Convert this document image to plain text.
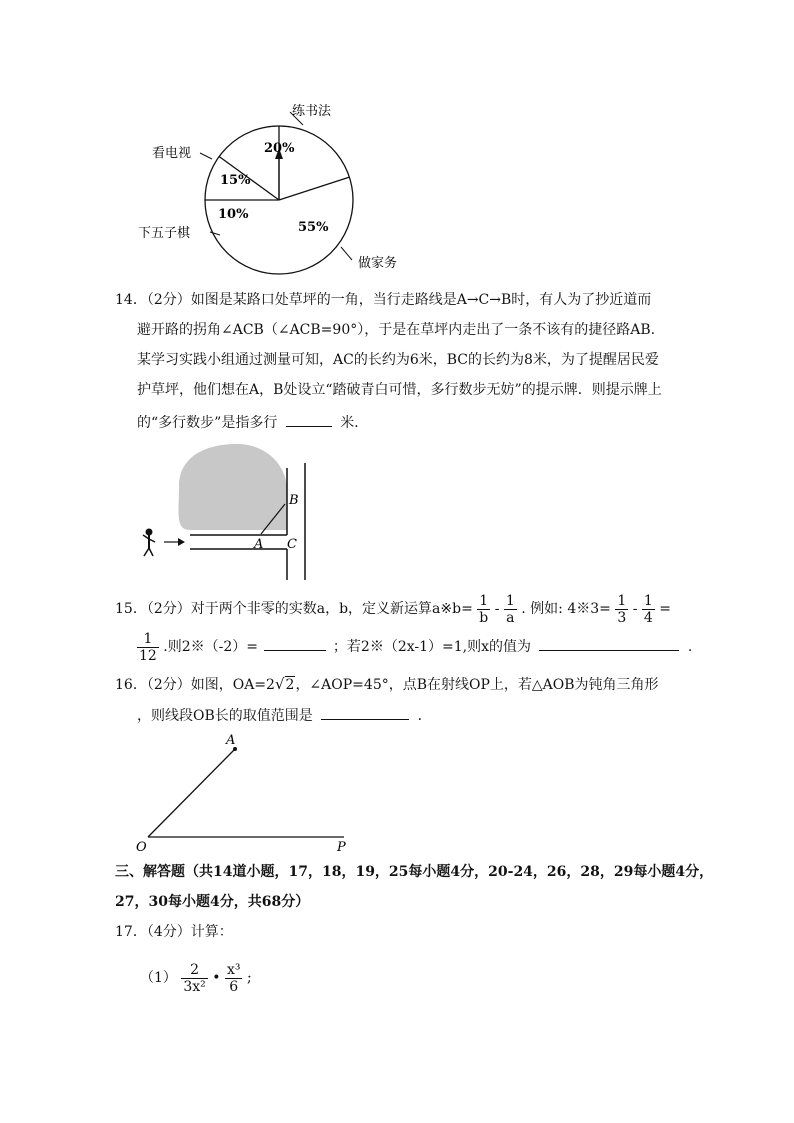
练书法
看电视
下五子棋
做家务
20%
15%
10%
55%
14．（2分）如图是某路口处草坪的一角，当行走路线是A→C→B时，有人为了抄近道而
避开路的拐角∠ACB（∠ACB=90°），于是在草坪内走出了一条不该有的捷径路AB.
某学习实践小组通过测量可知，AC的长约为6米，BC的长约为8米，为了提醒居民爱
护草坪，他们想在A，B处设立“踏破青白可惜，多行数步无妨”的提示牌．则提示牌上
的“多行数步”是指多行	米．
B
A C
15．（2分）对于两个非零的实数a，b，定义新运算a※b= $\frac{1}{b} - \frac{1}{a}$ . 例如: 4※3= $\frac{1}{3} - \frac{1}{4}$ =
$\frac{1}{12}$ .则2※（-2）=	；若2※（2x-1）=1,则x的值为	.
16．（2分）如图，OA=2√2，∠AOP=45°，点B在射线OP上，若△AOB为钝角三角形
，则线段OB长的取值范围是	．
A
O	P
三、解答题（共14道小题，17，18，19，25每小题4分，20-24，26，28，29每小题4分，
27，30每小题4分，共68分）
17．（4分）计算：
$(1) \frac{2}{\text{3x²}}$ • $\frac{\text{x³}}{6}$ ;
